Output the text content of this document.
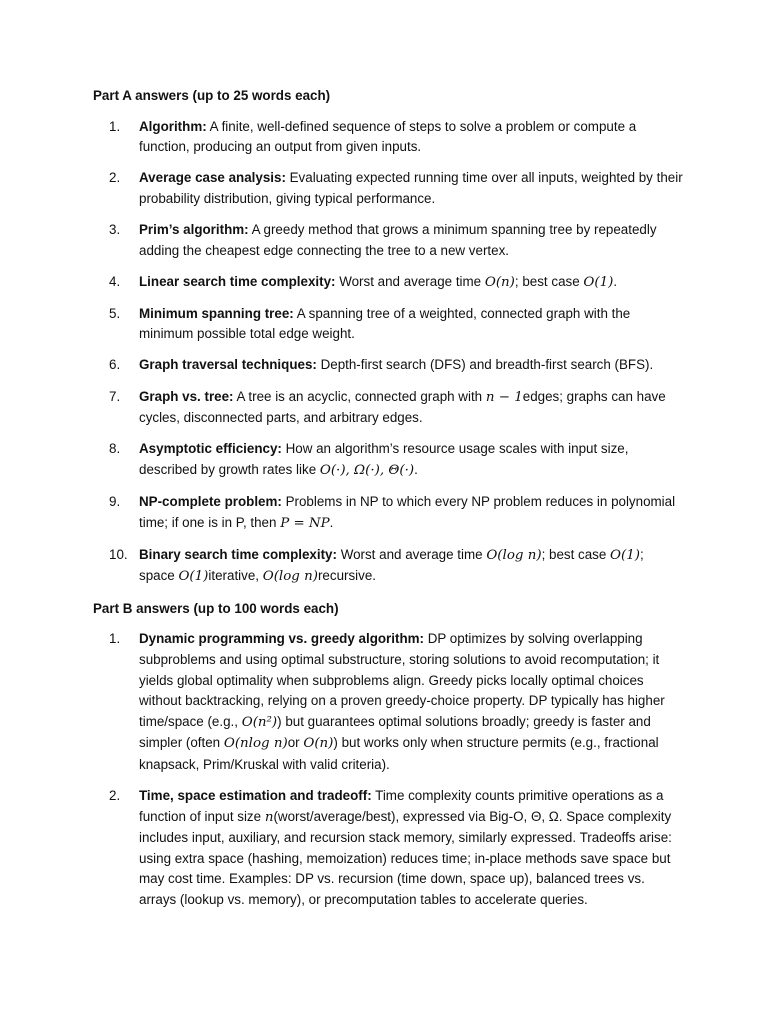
Part A answers (up to 25 words each)

1.	Algorithm: A finite, well-defined sequence of steps to solve a problem or compute a function, producing an output from given inputs.
2.	Average case analysis: Evaluating expected running time over all inputs, weighted by their probability distribution, giving typical performance.
3.	Prim’s algorithm: A greedy method that grows a minimum spanning tree by repeatedly adding the cheapest edge connecting the tree to a new vertex.
4.	Linear search time complexity: Worst and average time O(n); best case O(1).
5.	Minimum spanning tree: A spanning tree of a weighted, connected graph with the minimum possible total edge weight.
6.	Graph traversal techniques: Depth-first search (DFS) and breadth-first search (BFS).
7.	Graph vs. tree: A tree is an acyclic, connected graph with n − 1edges; graphs can have cycles, disconnected parts, and arbitrary edges.
8.	Asymptotic efficiency: How an algorithm’s resource usage scales with input size, described by growth rates like O(·), Ω(·), Θ(·).
9.	NP-complete problem: Problems in NP to which every NP problem reduces in polynomial time; if one is in P, then P = NP.
10. Binary search time complexity: Worst and average time O(log n); best case O(1); space O(1)iterative, O(log n)recursive.

Part B answers (up to 100 words each)

1.	Dynamic programming vs. greedy algorithm: DP optimizes by solving overlapping subproblems and using optimal substructure, storing solutions to avoid recomputation; it yields global optimality when subproblems align. Greedy picks locally optimal choices without backtracking, relying on a proven greedy-choice property. DP typically has higher time/space (e.g., O(n²)) but guarantees optimal solutions broadly; greedy is faster and simpler (often O(nlog n)or O(n)) but works only when structure permits (e.g., fractional knapsack, Prim/Kruskal with valid criteria).
2.	Time, space estimation and tradeoff: Time complexity counts primitive operations as a function of input size n(worst/average/best), expressed via Big-O, Θ, Ω. Space complexity includes input, auxiliary, and recursion stack memory, similarly expressed. Tradeoffs arise: using extra space (hashing, memoization) reduces time; in-place methods save space but may cost time. Examples: DP vs. recursion (time down, space up), balanced trees vs. arrays (lookup vs. memory), or precomputation tables to accelerate queries.
